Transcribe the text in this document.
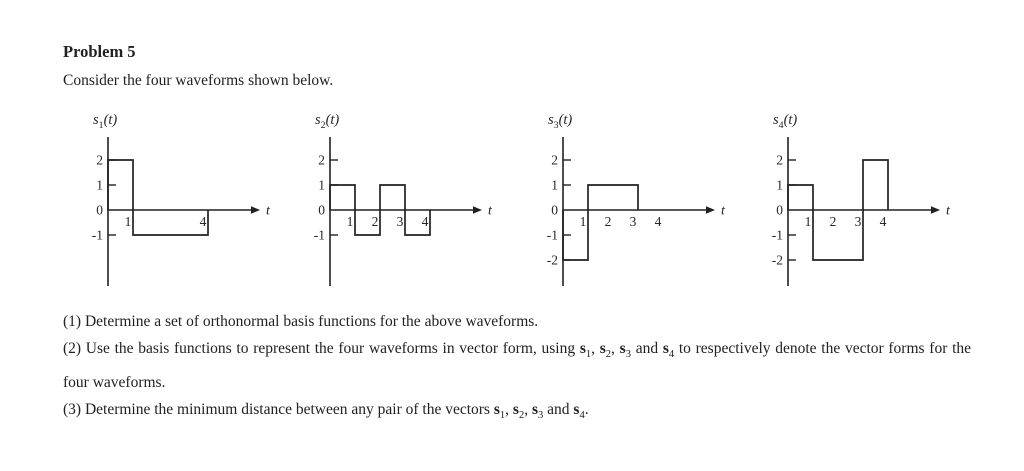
Problem 5
Consider the four waveforms shown below.
$s_1(t)$
t
2
1
0
-1
1	4
$s_2(t)$
t
2
1
0
-1
1 2 3 4
$s_3(t)$
t
2
1
0
-1
-2
1 2 3 4
$s_4(t)$
t
2
1
0
-1
-2
1 2 3 4

(1) Determine a set of orthonormal basis functions for the above waveforms.

(2) Use the basis functions to represent the four waveforms in vector form, using $s_1$, $s_2$, $s_3$ and $s_4$ to respectively denote the vector forms for the four waveforms.

(3) Determine the minimum distance between any pair of the vectors $s_1$, $s_2$, $s_3$ and $s_4$.
